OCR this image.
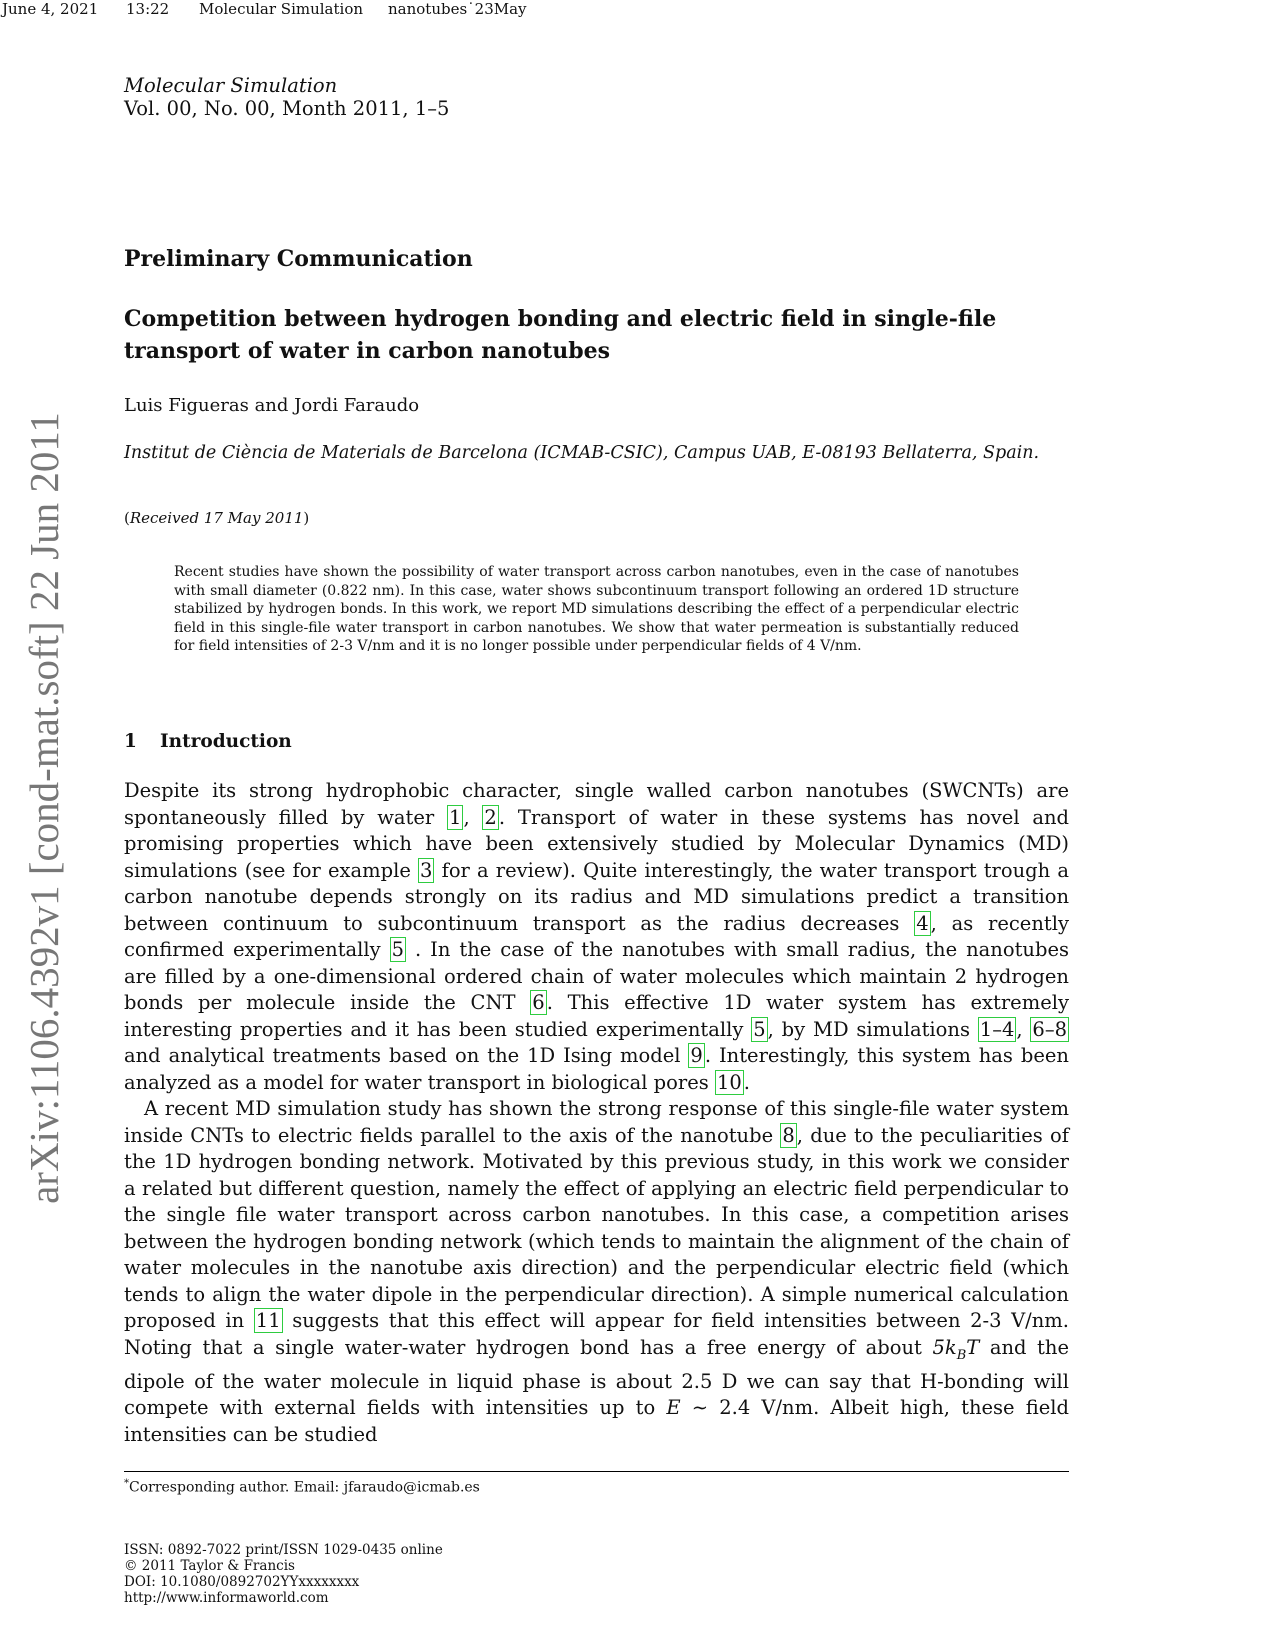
June 4, 2021 13:22 Molecular Simulation nanotubes˙23May
Molecular Simulation
Vol. 00, No. 00, Month 2011, 1–5
Preliminary Communication
Competition between hydrogen bonding and electric field in single-file transport of water in carbon nanotubes
Luis Figueras and Jordi Faraudo
Institut de Ciència de Materials de Barcelona (ICMAB-CSIC), Campus UAB, E-08193 Bellaterra, Spain.
(Received 17 May 2011)
Recent studies have shown the possibility of water transport across carbon nanotubes, even in the case of nanotubes with small diameter (0.822 nm). In this case, water shows subcontinuum transport following an ordered 1D structure stabilized by hydrogen bonds. In this work, we report MD simulations describing the effect of a perpendicular electric field in this single-file water transport in carbon nanotubes. We show that water permeation is substantially reduced for field intensities of 2-3 V/nm and it is no longer possible under perpendicular fields of 4 V/nm.
1 Introduction

Despite its strong hydrophobic character, single walled carbon nanotubes (SWCNTs) are spontaneously filled by water 1 , 2 . Transport of water in these systems has novel and promising properties which have been extensively studied by Molecular Dynamics (MD) simulations (see for example 3 for a review). Quite interestingly, the water transport trough a carbon nanotube depends strongly on its radius and MD simulations predict a transition between continuum to subcontinuum transport as the radius decreases 4 , as recently confirmed experimentally 5 . In the case of the nanotubes with small radius, the nanotubes are filled by a one-dimensional ordered chain of water molecules which maintain 2 hydrogen bonds per molecule inside the CNT 6 . This effective 1D water system has extremely interesting properties and it has been studied experimentally 5 , by MD simulations 1–4 , 6–8 and analytical treatments based on the 1D Ising model 9 . Interestingly, this system has been analyzed as a model for water transport in biological pores 10 .

A recent MD simulation study has shown the strong response of this single-file water system inside CNTs to electric fields parallel to the axis of the nanotube 8 , due to the peculiarities of the 1D hydrogen bonding network. Motivated by this previous study, in this work we consider a related but different question, namely the effect of applying an electric field perpendicular to the single file water transport across carbon nanotubes. In this case, a competition arises between the hydrogen bonding network (which tends to maintain the alignment of the chain of water molecules in the nanotube axis direction) and the perpendicular electric field (which tends to align the water dipole in the perpendicular direction). A simple numerical calculation proposed in 11 suggests that this effect will appear for field intensities between 2-3 V/nm. Noting that a single water-water hydrogen bond has a free energy of about $5k_BT$ and the dipole of the water molecule in liquid phase is about 2.5 D we can say that H-bonding will compete with external fields with intensities up to E ∼ 2.4 V/nm. Albeit high, these field intensities can be studied

*Corresponding author. Email: jfaraudo@icmab.es
ISSN: 0892-7022 print/ISSN 1029-0435 online
© 2011 Taylor & Francis
DOI: 10.1080/0892702YYxxxxxxxx
http://www.informaworld.com
arXiv:1106.4392v1 [cond-mat.soft] 22 Jun 2011
